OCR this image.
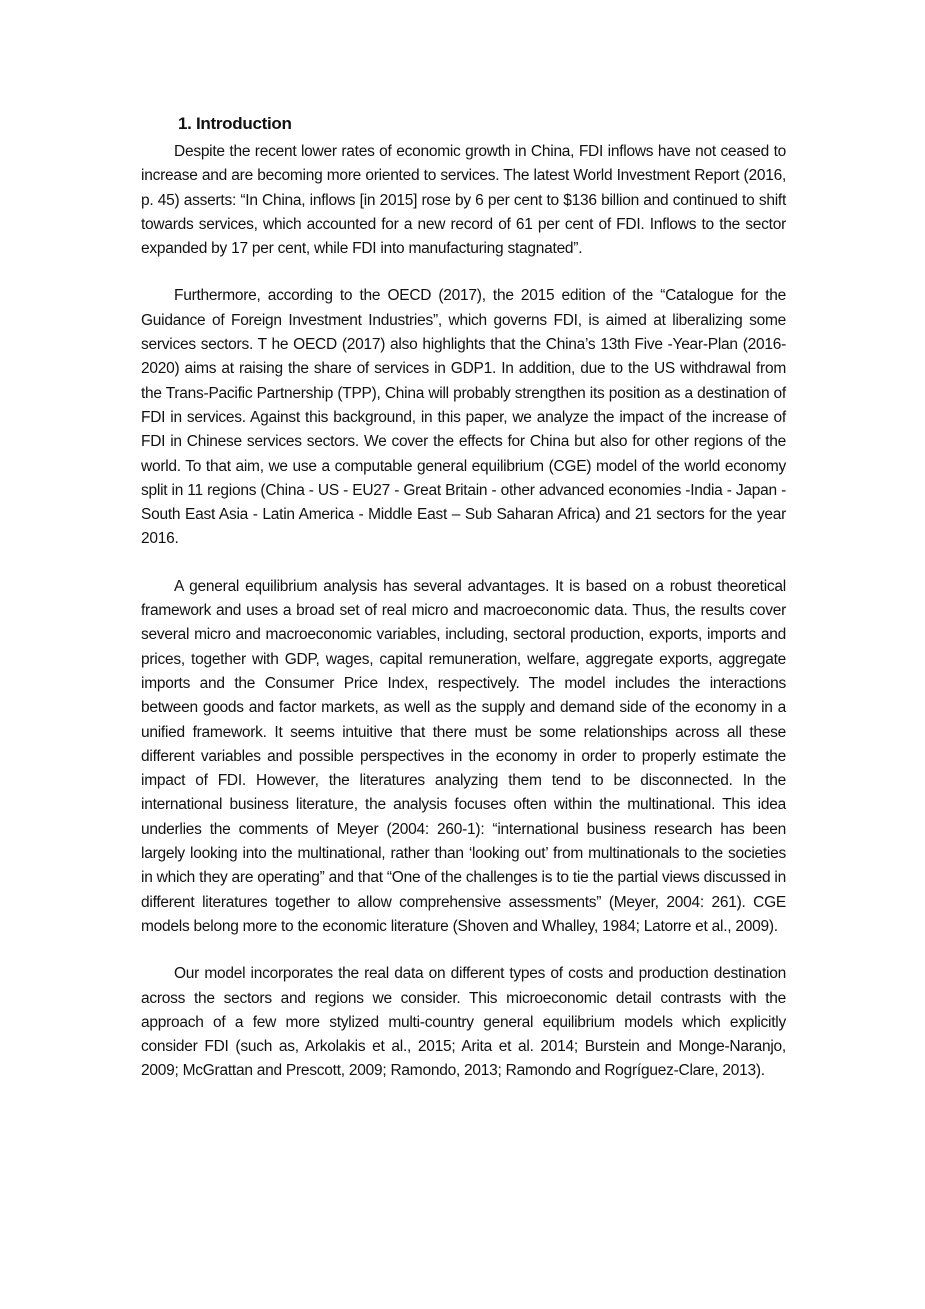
1. Introduction

Despite the recent lower rates of economic growth in China, FDI inflows have not ceased to increase and are becoming more oriented to services. The latest World Investment Report (2016, p. 45) asserts: “In China, inflows [in 2015] rose by 6 per cent to $136 billion and continued to shift towards services, which accounted for a new record of 61 per cent of FDI. Inflows to the sector expanded by 17 per cent, while FDI into manufacturing stagnated”.

Furthermore, according to the OECD (2017), the 2015 edition of the “Catalogue for the Guidance of Foreign Investment Industries”, which governs FDI, is aimed at liberalizing some services sectors. T he OECD (2017) also highlights that the China’s 13th Five -Year-Plan (2016-2020) aims at raising the share of services in GDP1. In addition, due to the US withdrawal from the Trans-Pacific Partnership (TPP), China will probably strengthen its position as a destination of FDI in services. Against this background, in this paper, we analyze the impact of the increase of FDI in Chinese services sectors. We cover the effects for China but also for other regions of the world. To that aim, we use a computable general equilibrium (CGE) model of the world economy split in 11 regions (China - US - EU27 - Great Britain - other advanced economies -India - Japan - South East Asia - Latin America - Middle East – Sub Saharan Africa) and 21 sectors for the year 2016.

A general equilibrium analysis has several advantages. It is based on a robust theoretical framework and uses a broad set of real micro and macroeconomic data. Thus, the results cover several micro and macroeconomic variables, including, sectoral production, exports, imports and prices, together with GDP, wages, capital remuneration, welfare, aggregate exports, aggregate imports and the Consumer Price Index, respectively. The model includes the interactions between goods and factor markets, as well as the supply and demand side of the economy in a unified framework. It seems intuitive that there must be some relationships across all these different variables and possible perspectives in the economy in order to properly estimate the impact of FDI. However, the literatures analyzing them tend to be disconnected. In the international business literature, the analysis focuses often within the multinational. This idea underlies the comments of Meyer (2004: 260-1): “international business research has been largely looking into the multinational, rather than ‘looking out’ from multinationals to the societies in which they are operating” and that “One of the challenges is to tie the partial views discussed in different literatures together to allow comprehensive assessments” (Meyer, 2004: 261). CGE models belong more to the economic literature (Shoven and Whalley, 1984; Latorre et al., 2009).

Our model incorporates the real data on different types of costs and production destination across the sectors and regions we consider. This microeconomic detail contrasts with the approach of a few more stylized multi-country general equilibrium models which explicitly consider FDI (such as, Arkolakis et al., 2015; Arita et al. 2014; Burstein and Monge-Naranjo, 2009; McGrattan and Prescott, 2009; Ramondo, 2013; Ramondo and Rogríguez-Clare, 2013).
